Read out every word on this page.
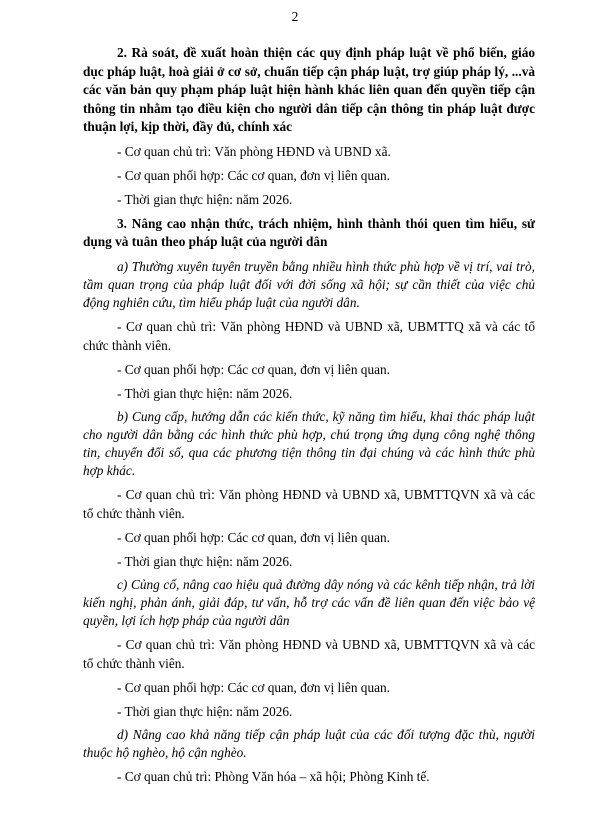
2

2. Rà soát, đề xuất hoàn thiện các quy định pháp luật về phổ biến, giáo dục pháp luật, hoà giải ở cơ sở, chuẩn tiếp cận pháp luật, trợ giúp pháp lý, ...và các văn bản quy phạm pháp luật hiện hành khác liên quan đến quyền tiếp cận thông tin nhằm tạo điều kiện cho người dân tiếp cận thông tin pháp luật được thuận lợi, kịp thời, đầy đủ, chính xác

- Cơ quan chủ trì: Văn phòng HĐND và UBND xã.

- Cơ quan phối hợp: Các cơ quan, đơn vị liên quan.

- Thời gian thực hiện: năm 2026.

3. Nâng cao nhận thức, trách nhiệm, hình thành thói quen tìm hiểu, sử dụng và tuân theo pháp luật của người dân

a) Thường xuyên tuyên truyền bằng nhiều hình thức phù hợp về vị trí, vai trò, tầm quan trọng của pháp luật đối với đời sống xã hội; sự cần thiết của việc chủ động nghiên cứu, tìm hiểu pháp luật của người dân.

- Cơ quan chủ trì: Văn phòng HĐND và UBND xã, UBMTTQ xã và các tổ chức thành viên.

- Cơ quan phối hợp: Các cơ quan, đơn vị liên quan.

- Thời gian thực hiện: năm 2026.

b) Cung cấp, hướng dẫn các kiến thức, kỹ năng tìm hiểu, khai thác pháp luật cho người dân bằng các hình thức phù hợp, chú trọng ứng dụng công nghệ thông tin, chuyển đổi số, qua các phương tiện thông tin đại chúng và các hình thức phù hợp khác.

- Cơ quan chủ trì: Văn phòng HĐND và UBND xã, UBMTTQVN xã và các tổ chức thành viên.

- Cơ quan phối hợp: Các cơ quan, đơn vị liên quan.

- Thời gian thực hiện: năm 2026.

c) Củng cố, nâng cao hiệu quả đường dây nóng và các kênh tiếp nhận, trả lời kiến nghị, phản ánh, giải đáp, tư vấn, hỗ trợ các vấn đề liên quan đến việc bảo vệ quyền, lợi ích hợp pháp của người dân

- Cơ quan chủ trì: Văn phòng HĐND và UBND xã, UBMTTQVN xã và các tổ chức thành viên.

- Cơ quan phối hợp: Các cơ quan, đơn vị liên quan.

- Thời gian thực hiện: năm 2026.

d) Nâng cao khả năng tiếp cận pháp luật của các đối tượng đặc thù, người thuộc hộ nghèo, hộ cận nghèo.

- Cơ quan chủ trì: Phòng Văn hóa – xã hội; Phòng Kinh tế.
